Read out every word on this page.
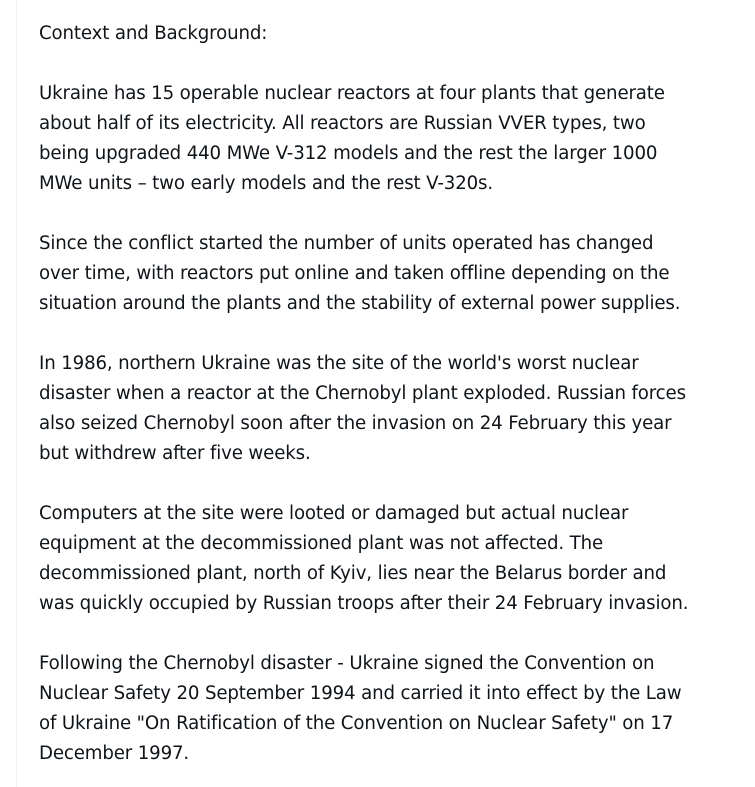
Context and Background:

Ukraine has 15 operable nuclear reactors at four plants that generate
about half of its electricity. All reactors are Russian VVER types, two
being upgraded 440 MWe V-312 models and the rest the larger 1000
MWe units – two early models and the rest V-320s.

Since the conflict started the number of units operated has changed
over time, with reactors put online and taken offline depending on the
situation around the plants and the stability of external power supplies.

In 1986, northern Ukraine was the site of the world's worst nuclear
disaster when a reactor at the Chernobyl plant exploded. Russian forces
also seized Chernobyl soon after the invasion on 24 February this year
but withdrew after five weeks.

Computers at the site were looted or damaged but actual nuclear
equipment at the decommissioned plant was not affected. The
decommissioned plant, north of Kyiv, lies near the Belarus border and
was quickly occupied by Russian troops after their 24 February invasion.

Following the Chernobyl disaster - Ukraine signed the Convention on
Nuclear Safety 20 September 1994 and carried it into effect by the Law
of Ukraine "On Ratification of the Convention on Nuclear Safety" on 17
December 1997.
